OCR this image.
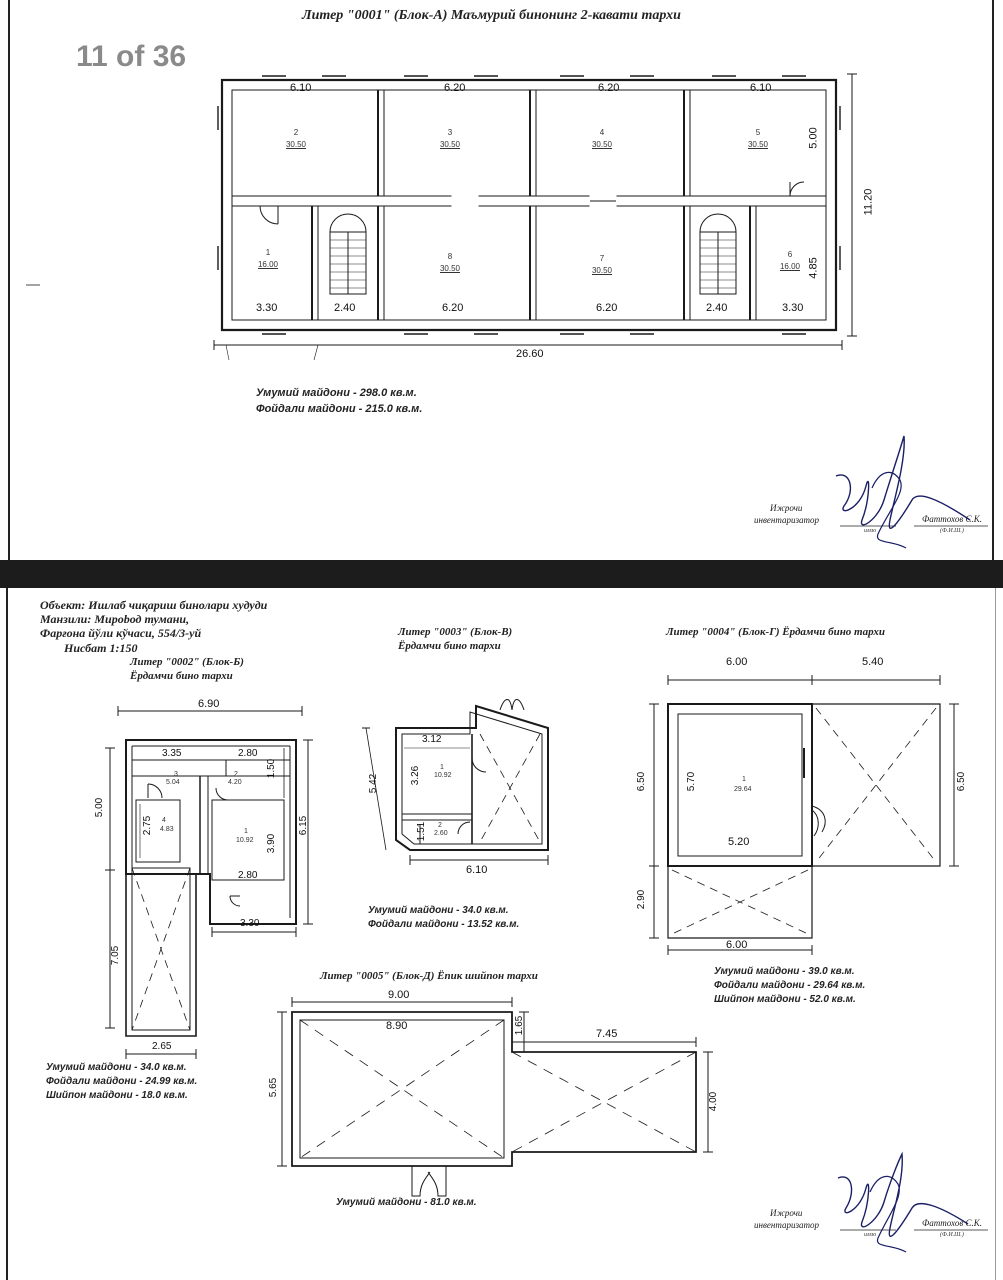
Литер "0001" (Блок-А) Маъмурий бинонинг 2-кавати тархи
11 of 36
6.10	6.20	6.20	6.10
3.30	2.40	6.20	6.20	2.40	3.30
26.60
5.00
4.85
11.20
2
30.50
3
30.50
4
30.50
5
30.50
1
16.00
8
30.50
7
30.50
6
16.00
Умумий майдони - 298.0 кв.м.
Фойдали майдони - 215.0 кв.м.
Ижрочи
инвентаризатор
имзо
Фаттохов С.К.
(Ф.И.Ш.)
Объект: Ишлаб чиқариш бинолари худуди
Манзили: Мирobод тумани,
Фарғона йўли кўчаси, 554/3-уй
Нисбат 1:150
Литер "0002" (Блок-Б)
Ёрдамчи бино тархи
6.90
3.35	2.80
1.50
3
5.04
2
4.20
5.00
4
4.83
2.75	1
10.92 3.90
6.15
2.80
3.30
7.05
2.65
Умумий майдони - 34.0 кв.м.
Фойдали майдони - 24.99 кв.м.
Шийпон майдони - 18.0 кв.м.
Литер "0003" (Блок-В)
Ёрдамчи бино тархи
3.12
5.42	3.26	1
10.92
1.51 2
2.60
6.10
Умумий майдони - 34.0 кв.м.
Фойдали майдони - 13.52 кв.м.
Литер "0004" (Блок-Г) Ёрдамчи бино тархи
6.00	5.40
6.50	5.70	1
29.64
5.20
6.50
2.90
6.00
Умумий майдони - 39.0 кв.м.
Фойдали майдони - 29.64 кв.м.
Шийпон майдони - 52.0 кв.м.
Литер "0005" (Блок-Д) Ёпик шийпон тархи
9.00
8.90	1.65	7.45
5.65
4.00
Умумий майдони - 81.0 кв.м.
Ижрочи
инвентаризатор
имзо
Фаттохов С.К.
(Ф.И.Ш.)
